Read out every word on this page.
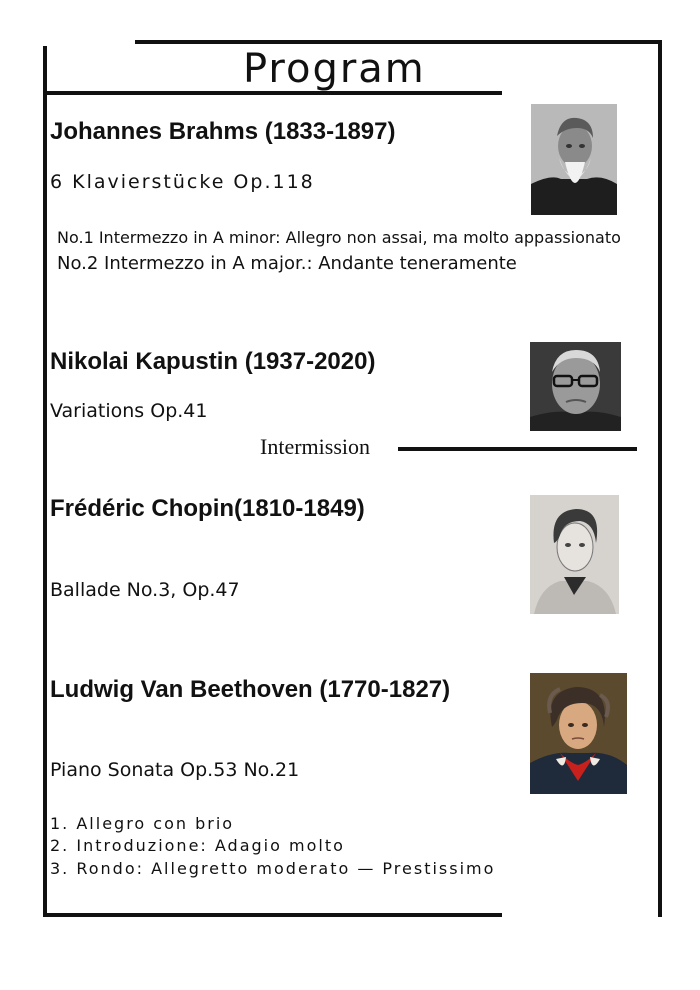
Program
Johannes Brahms (1833-1897)
6 Klavierstücke Op.118
No.1 Intermezzo in A minor: Allegro non assai, ma molto appassionato
No.2 Intermezzo in A major.: Andante teneramente
Nikolai Kapustin (1937-2020)
Variations Op.41
Intermission
Frédéric Chopin(1810-1849)
Ballade No.3, Op.47
Ludwig Van Beethoven (1770-1827)
Piano Sonata Op.53 No.21
1. Allegro con brio
2. Introduzione: Adagio molto
3. Rondo: Allegretto moderato — Prestissimo
